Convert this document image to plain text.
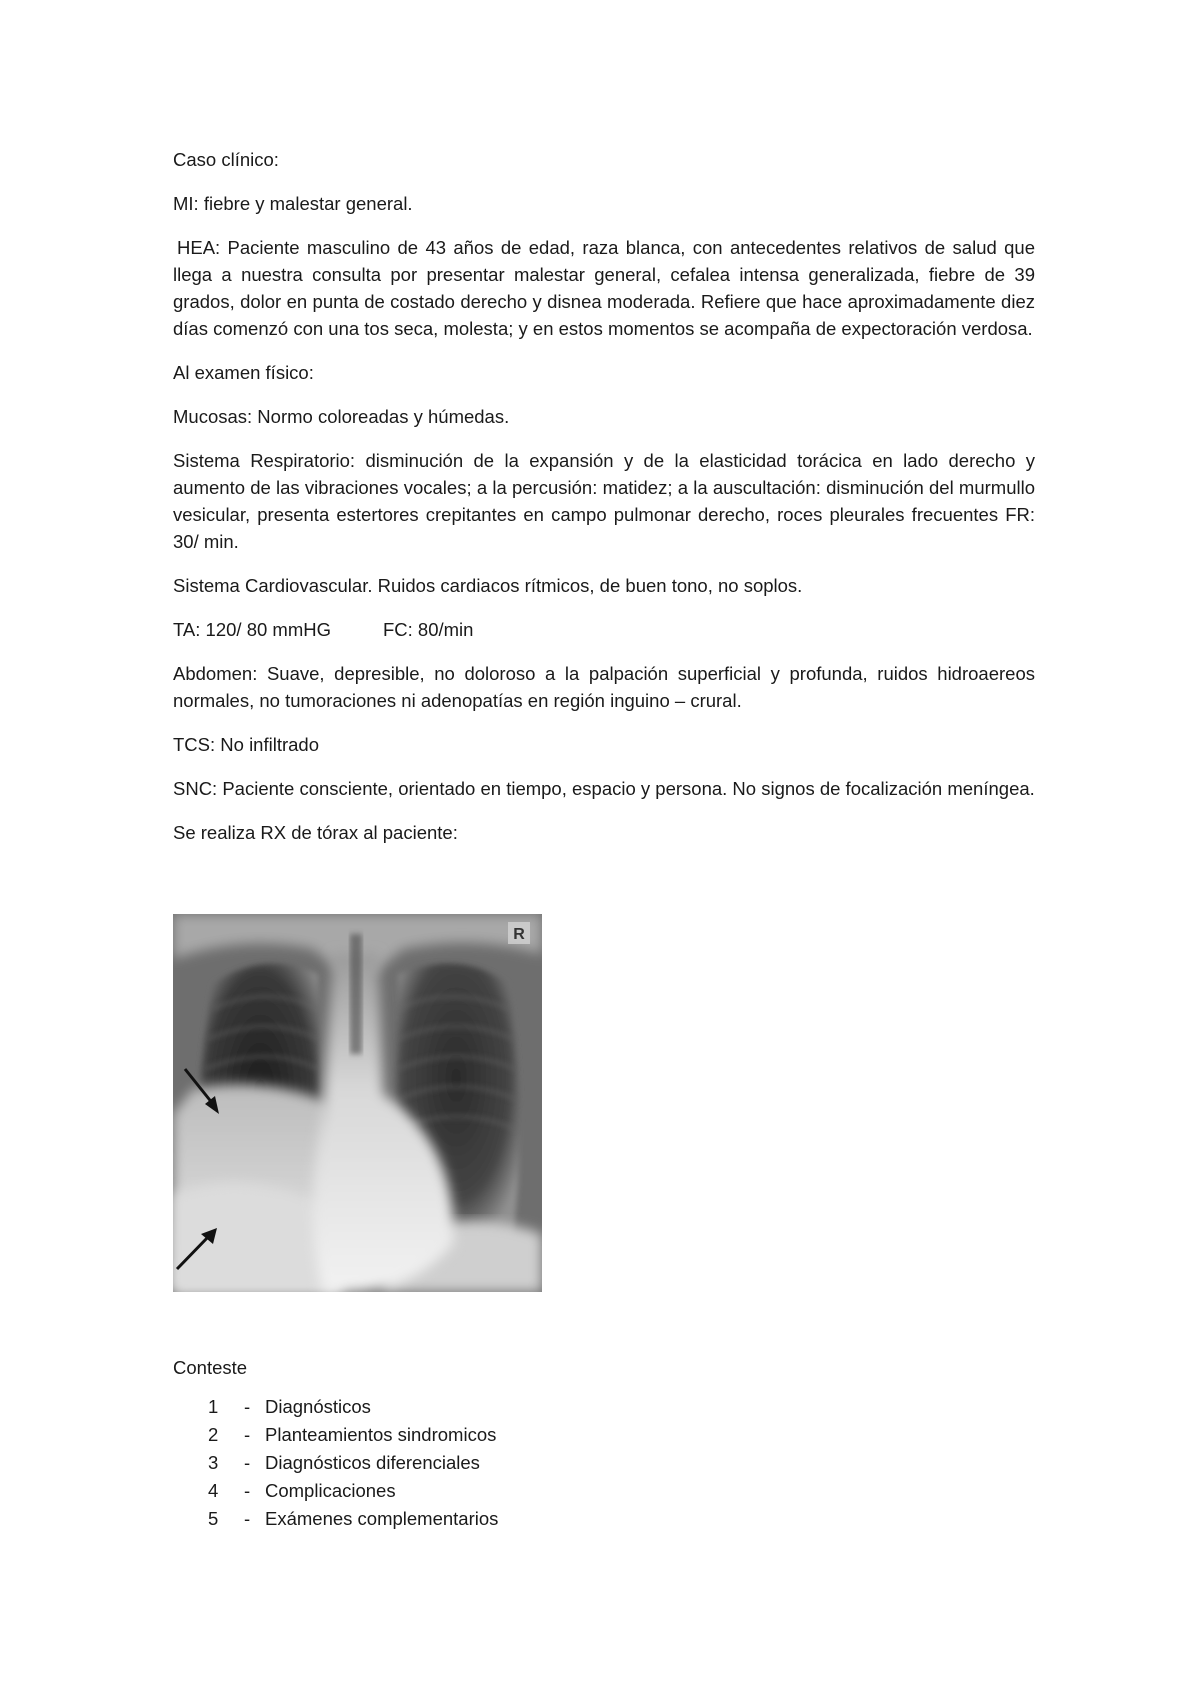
Caso clínico:

MI: fiebre y malestar general.

HEA: Paciente masculino de 43 años de edad, raza blanca, con antecedentes relativos de salud que llega a nuestra consulta por presentar malestar general, cefalea intensa generalizada, fiebre de 39 grados, dolor en punta de costado derecho y disnea moderada. Refiere que hace aproximadamente diez días comenzó con una tos seca, molesta; y en estos momentos se acompaña de expectoración verdosa.

Al examen físico:

Mucosas: Normo coloreadas y húmedas.

Sistema Respiratorio: disminución de la expansión y de la elasticidad torácica en lado derecho y aumento de las vibraciones vocales; a la percusión: matidez; a la auscultación: disminución del murmullo vesicular, presenta estertores crepitantes en campo pulmonar derecho, roces pleurales frecuentes FR: 30/ min.

Sistema Cardiovascular. Ruidos cardiacos rítmicos, de buen tono, no soplos.

TA: 120/ 80 mmHG	FC: 80/min

Abdomen: Suave, depresible, no doloroso a la palpación superficial y profunda, ruidos hidroaereos normales, no tumoraciones ni adenopatías en región inguino – crural.

TCS: No infiltrado

SNC: Paciente consciente, orientado en tiempo, espacio y persona. No signos de focalización meníngea.

Se realiza RX de tórax al paciente:

R

Conteste

1	- Diagnósticos
2	- Planteamientos sindromicos
3	- Diagnósticos diferenciales
4	- Complicaciones
5	- Exámenes complementarios
